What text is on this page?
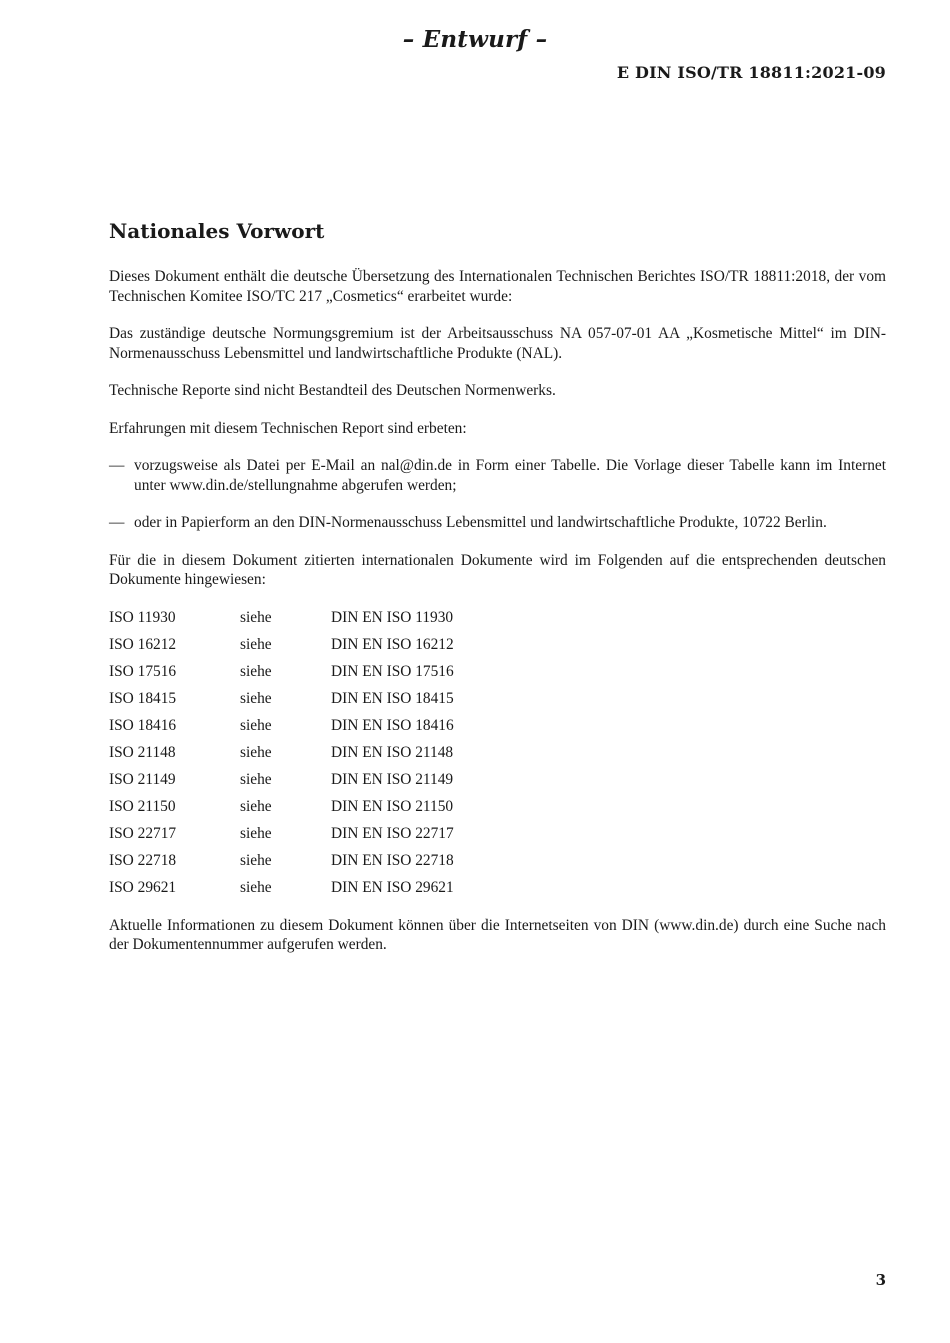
– Entwurf –
E DIN ISO/TR 18811:2021-09
Nationales Vorwort

Dieses Dokument enthält die deutsche Übersetzung des Internationalen Technischen Berichtes ISO/TR 18811:2018, der vom Technischen Komitee ISO/TC 217 „Cosmetics“ erarbeitet wurde:

Das zuständige deutsche Normungsgremium ist der Arbeitsausschuss NA 057-07-01 AA „Kosmetische Mittel“ im DIN-Normenausschuss Lebensmittel und landwirtschaftliche Produkte (NAL).

Technische Reporte sind nicht Bestandteil des Deutschen Normenwerks.

Erfahrungen mit diesem Technischen Report sind erbeten:

— vorzugsweise als Datei per E-Mail an nal@din.de in Form einer Tabelle. Die Vorlage dieser Tabelle kann im Internet unter www.din.de/stellungnahme abgerufen werden;
— oder in Papierform an den DIN-Normenausschuss Lebensmittel und landwirtschaftliche Produkte, 10722 Berlin.

Für die in diesem Dokument zitierten internationalen Dokumente wird im Folgenden auf die entsprechenden deutschen Dokumente hingewiesen:

ISO 11930	siehe	DIN EN ISO 11930
ISO 16212	siehe	DIN EN ISO 16212
ISO 17516	siehe	DIN EN ISO 17516
ISO 18415	siehe	DIN EN ISO 18415
ISO 18416	siehe	DIN EN ISO 18416
ISO 21148	siehe	DIN EN ISO 21148
ISO 21149	siehe	DIN EN ISO 21149
ISO 21150	siehe	DIN EN ISO 21150
ISO 22717	siehe	DIN EN ISO 22717
ISO 22718	siehe	DIN EN ISO 22718
ISO 29621	siehe	DIN EN ISO 29621

Aktuelle Informationen zu diesem Dokument können über die Internetseiten von DIN (www.din.de) durch eine Suche nach der Dokumentennummer aufgerufen werden.

3
